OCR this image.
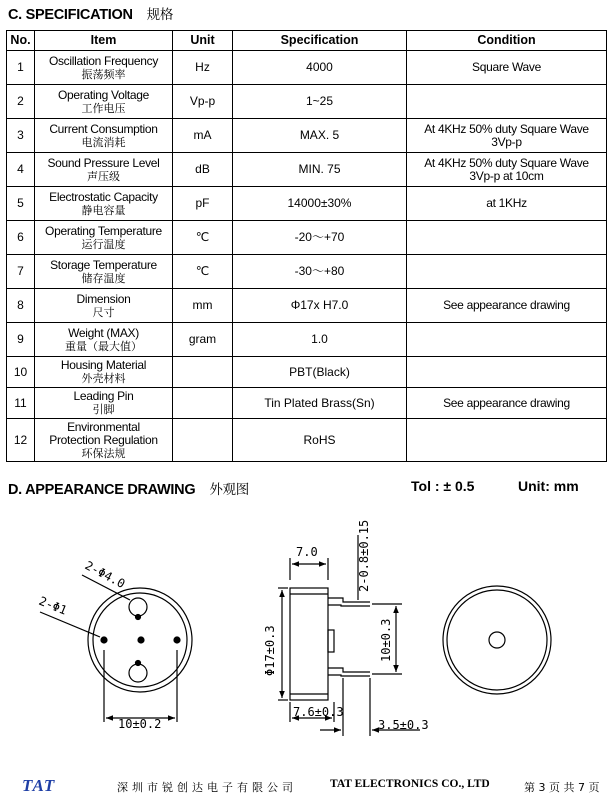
C. SPECIFICATION 规格
No.	Item	Unit	Specification	Condition
1	Oscillation Frequency
振荡频率	Hz	4000	Square Wave

2	Operating Voltage
工作电压	Vp-p	1~25	

3	Current Consumption
电流消耗	mA	MAX. 5	At 4KHz 50% duty Square Wave
3Vp-p

4	Sound Pressure Level
声压级	dB	MIN. 75	At 4KHz 50% duty Square Wave
3Vp-p at 10cm

5	Electrostatic Capacity
静电容量	pF	14000±30%	at 1KHz

6	Operating Temperature
运行温度	℃	-20～+70	

7	Storage Temperature
储存温度	℃	-30～+80	

8	Dimension
尺寸	mm	Φ17x H7.0	See appearance drawing

9	Weight (MAX)
重量（最大值）	gram	1.0	

10	Housing Material
外壳材料		PBT(Black)	

11	Leading Pin
引脚		Tin Plated Brass(Sn)	See appearance drawing

12	Environmental
Protection Regulation
环保法规		RoHS	
D. APPEARANCE DRAWING 外观图	Tol : ± 0.5	Unit: mm
2-Φ4.0
2-Φ1
10±0.2
7.0	2-0.8±0.15
Φ17±0.3	10±0.3
7.6±0.3
3.5±0.3
TAT	深圳市锐创达电子有限公司	TAT ELECTRONICS CO., LTD	第 3 页 共 7 页
